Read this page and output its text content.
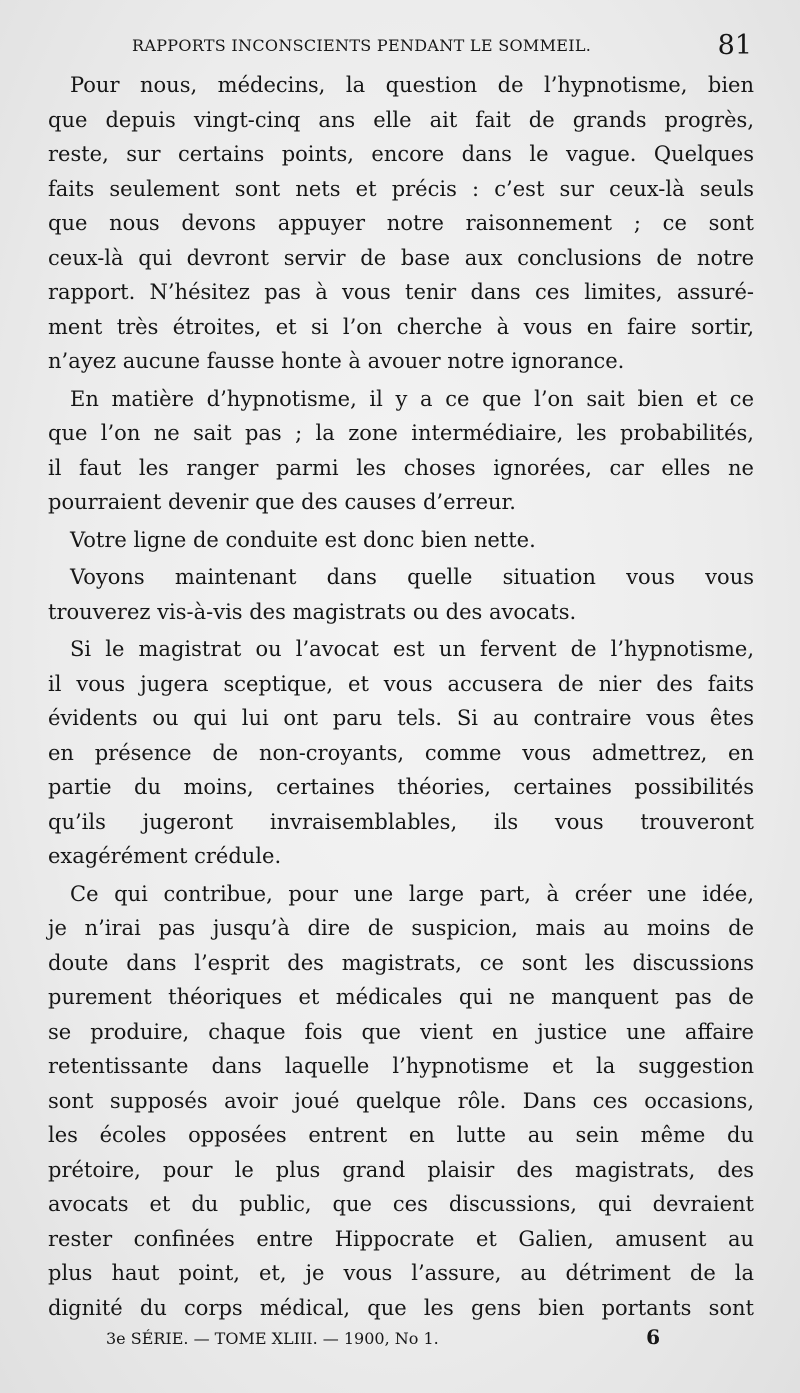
RAPPORTS INCONSCIENTS PENDANT LE SOMMEIL.	81
Pour nous, médecins, la question de l’hypnotisme, bien
que depuis vingt-cinq ans elle ait fait de grands progrès,
reste, sur certains points, encore dans le vague. Quelques
faits seulement sont nets et précis : c’est sur ceux-là seuls
que nous devons appuyer notre raisonnement ; ce sont
ceux-là qui devront servir de base aux conclusions de notre
rapport. N’hésitez pas à vous tenir dans ces limites, assuré-
ment très étroites, et si l’on cherche à vous en faire sortir,
n’ayez aucune fausse honte à avouer notre ignorance.
En matière d’hypnotisme, il y a ce que l’on sait bien et ce
que l’on ne sait pas ; la zone intermédiaire, les probabilités,
il faut les ranger parmi les choses ignorées, car elles ne
pourraient devenir que des causes d’erreur.
Votre ligne de conduite est donc bien nette.
Voyons maintenant dans quelle situation vous vous
trouverez vis-à-vis des magistrats ou des avocats.
Si le magistrat ou l’avocat est un fervent de l’hypnotisme,
il vous jugera sceptique, et vous accusera de nier des faits
évidents ou qui lui ont paru tels. Si au contraire vous êtes
en présence de non-croyants, comme vous admettrez, en
partie du moins, certaines théories, certaines possibilités
qu’ils jugeront invraisemblables, ils vous trouveront
exagérément crédule.
Ce qui contribue, pour une large part, à créer une idée,
je n’irai pas jusqu’à dire de suspicion, mais au moins de
doute dans l’esprit des magistrats, ce sont les discussions
purement théoriques et médicales qui ne manquent pas de
se produire, chaque fois que vient en justice une affaire
retentissante dans laquelle l’hypnotisme et la suggestion
sont supposés avoir joué quelque rôle. Dans ces occasions,
les écoles opposées entrent en lutte au sein même du
prétoire, pour le plus grand plaisir des magistrats, des
avocats et du public, que ces discussions, qui devraient
rester confinées entre Hippocrate et Galien, amusent au
plus haut point, et, je vous l’assure, au détriment de la
dignité du corps médical, que les gens bien portants sont
3e SÉRIE. — TOME XLIII. — 1900, No 1.	6
